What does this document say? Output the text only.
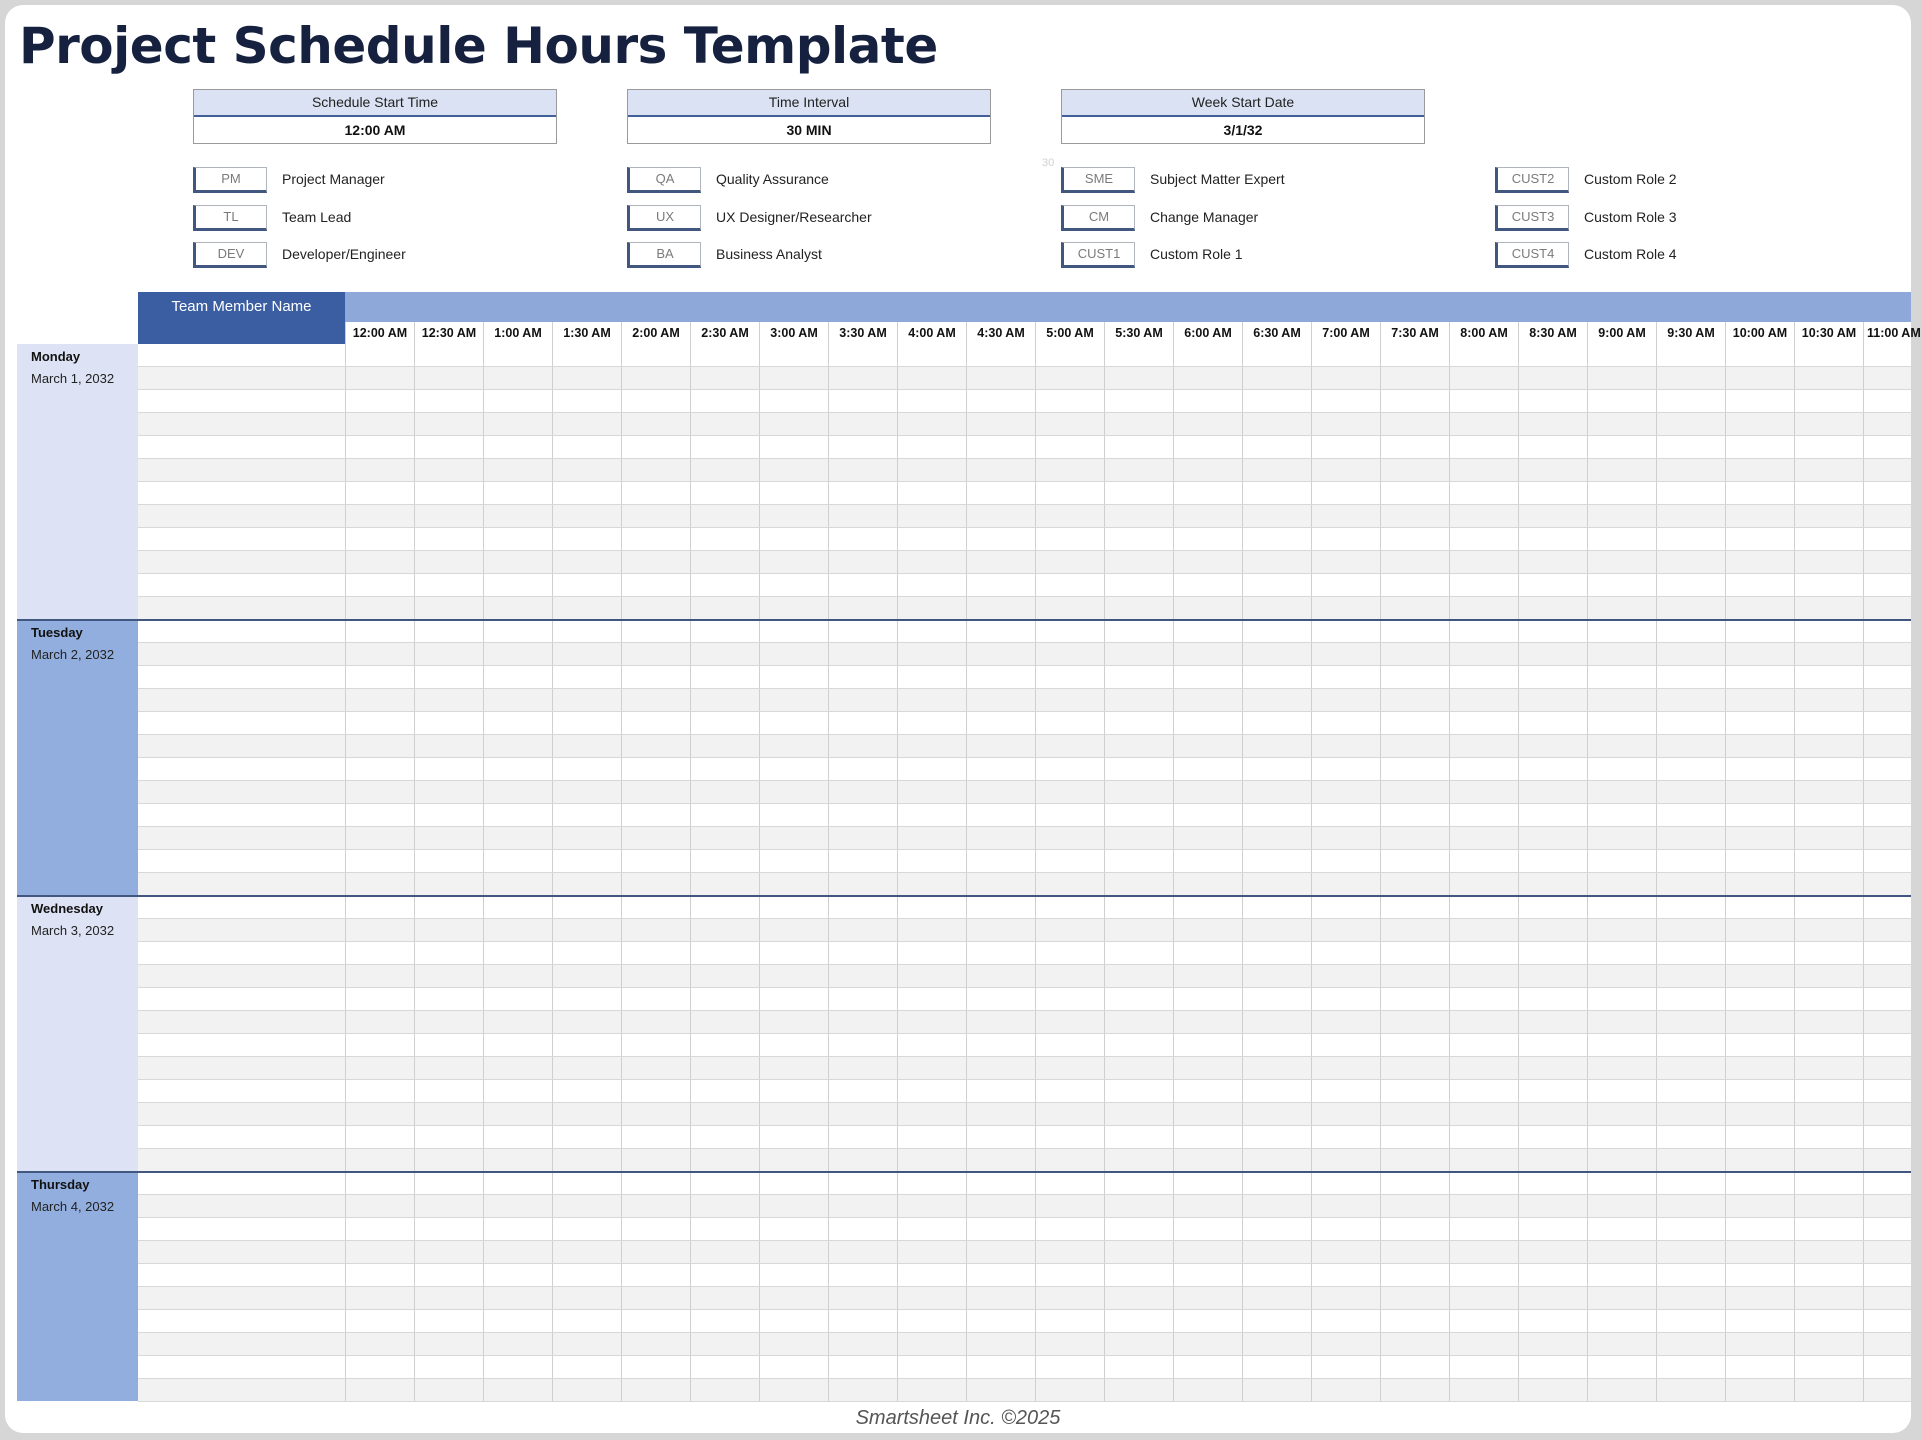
Project Schedule Hours Template
Schedule Start Time
12:00 AM
Time Interval
30 MIN
Week Start Date
3/1/32
30
PM	Project Manager
TL	Team Lead
DEV	Developer/Engineer
QA	Quality Assurance
UX	UX Designer/Researcher
BA	Business Analyst
SME	Subject Matter Expert
CM	Change Manager
CUST1	Custom Role 1
CUST2	Custom Role 2
CUST3	Custom Role 3
CUST4	Custom Role 4
Team Member Name
12:00 AM	12:30 AM	1:00 AM	1:30 AM	2:00 AM	2:30 AM	3:00 AM	3:30 AM	4:00 AM	4:30 AM	5:00 AM	5:30 AM	6:00 AM	6:30 AM	7:00 AM	7:30 AM	8:00 AM	8:30 AM	9:00 AM	9:30 AM	10:00 AM	10:30 AM 11:00 AM
Monday
March 1, 2032
Tuesday
March 2, 2032
Wednesday
March 3, 2032
Thursday
March 4, 2032
Smartsheet Inc. ©2025
